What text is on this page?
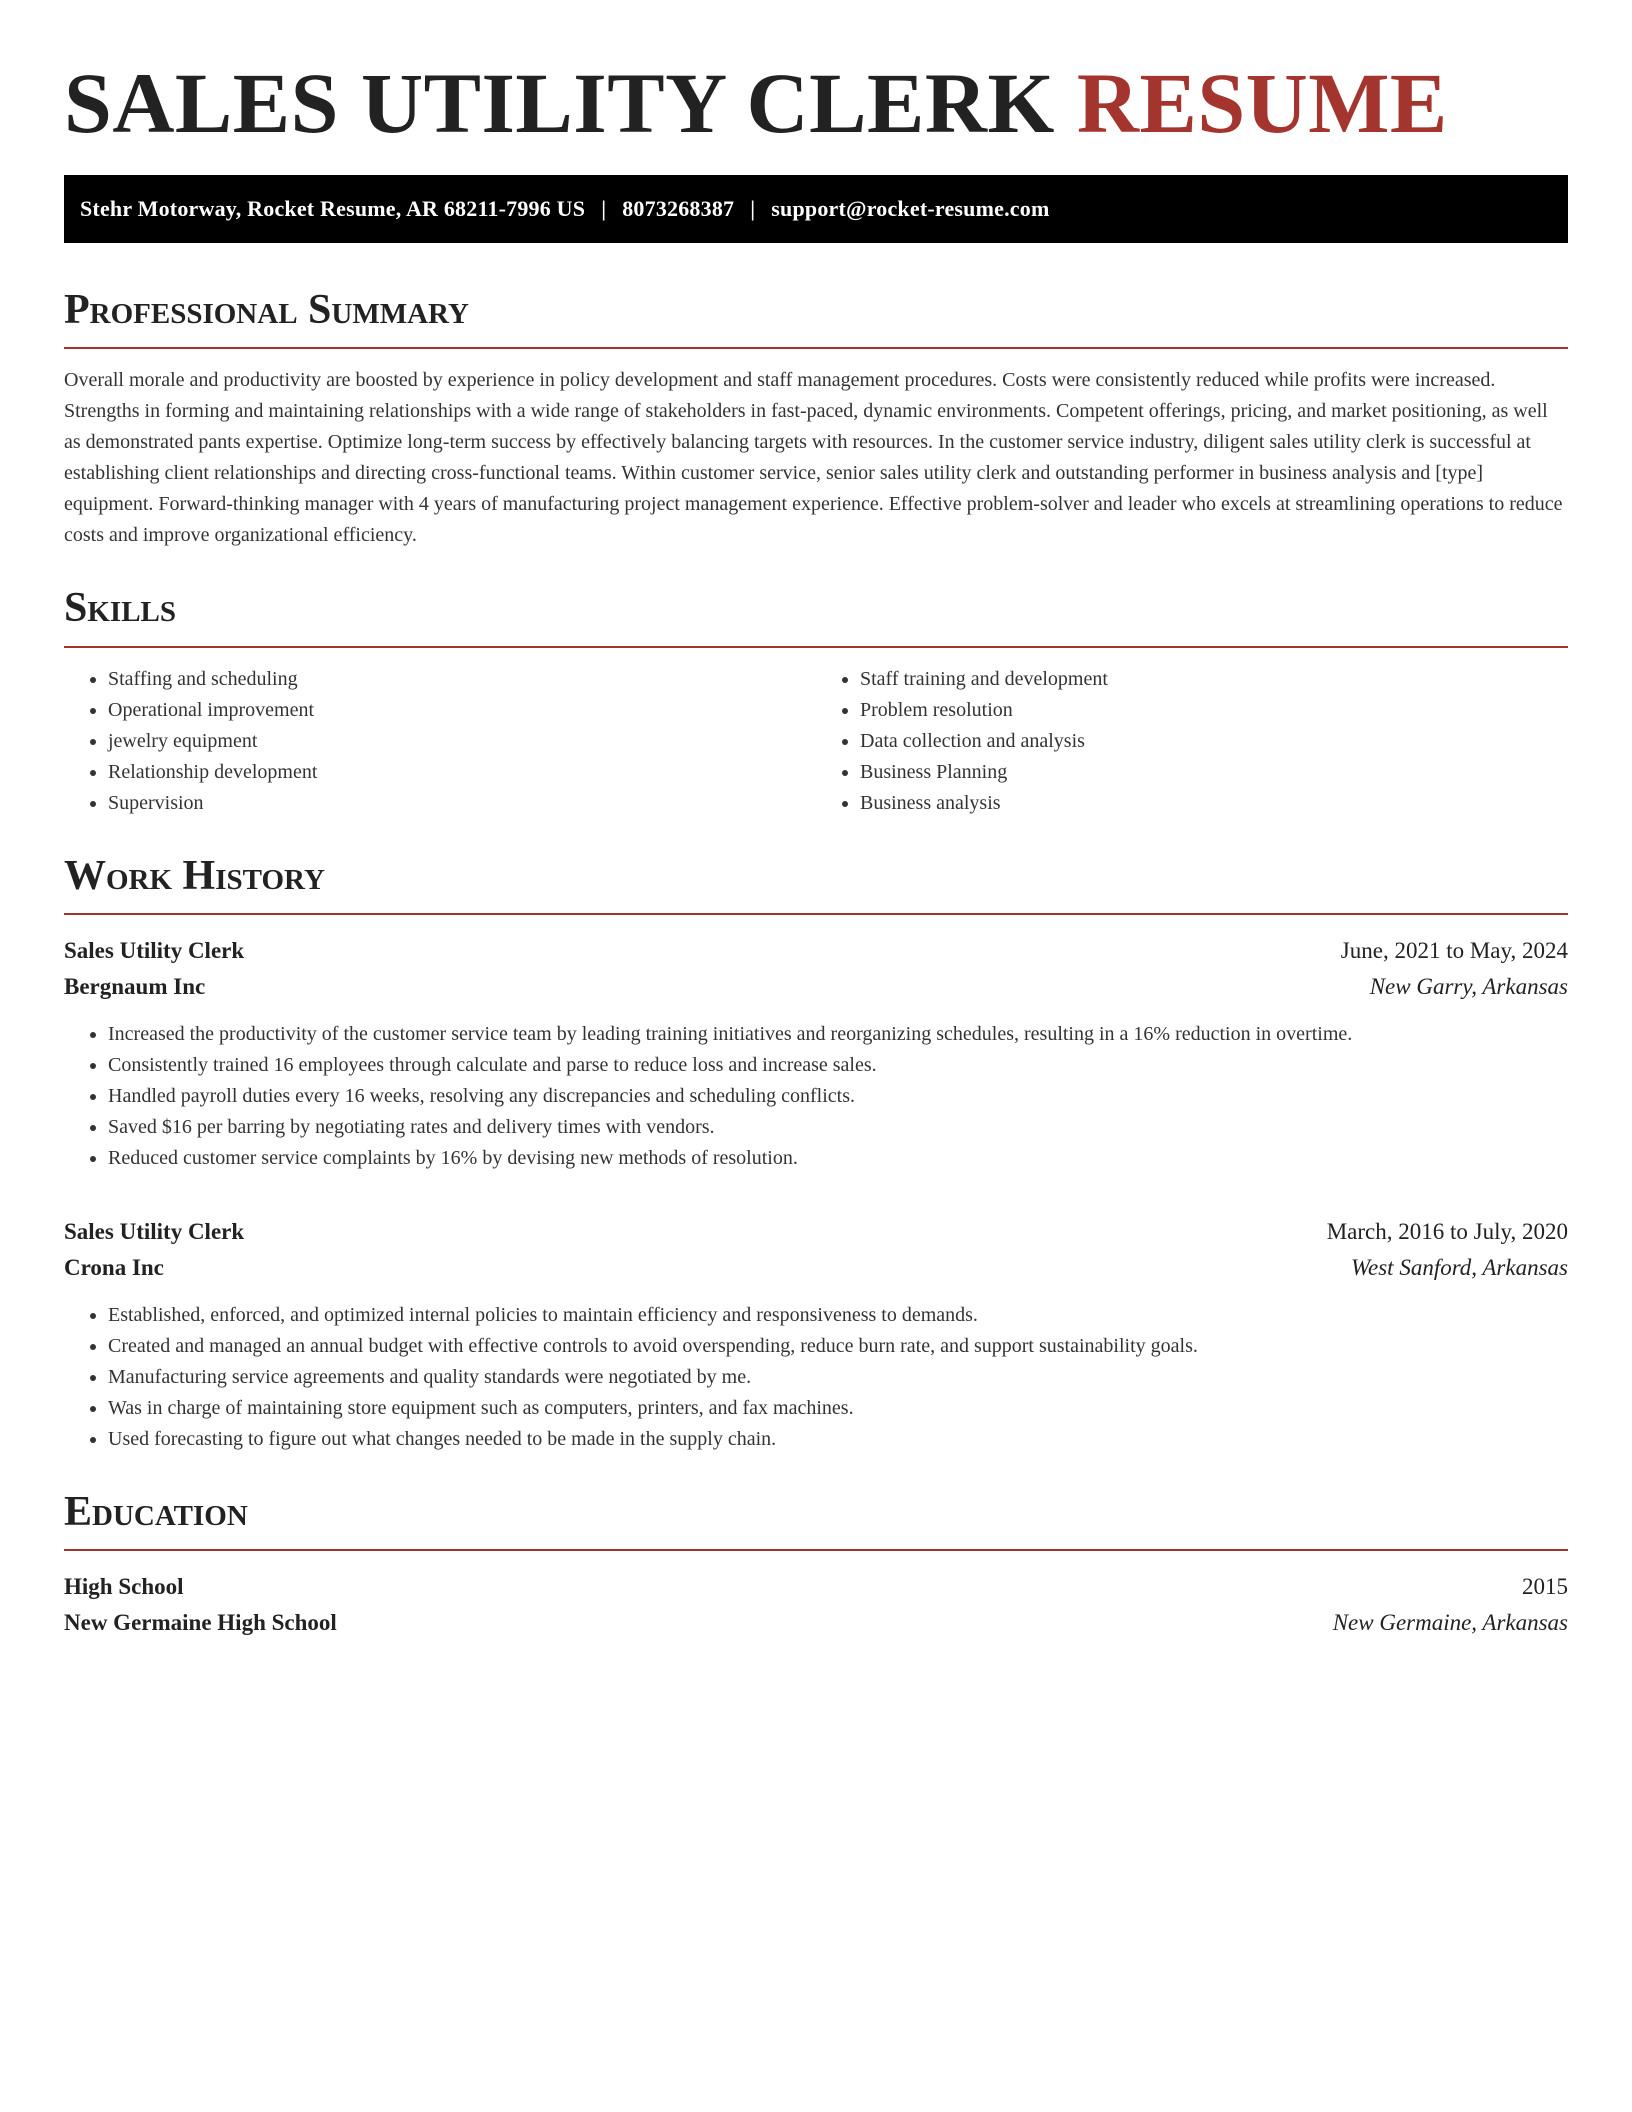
SALES UTILITY CLERK RESUME
Stehr Motorway, Rocket Resume, AR 68211-7996 US | 8073268387 | support@rocket-resume.com
Professional Summary

Overall morale and productivity are boosted by experience in policy development and staff management procedures. Costs were consistently reduced while profits were increased. Strengths in forming and maintaining relationships with a wide range of stakeholders in fast-paced, dynamic environments. Competent offerings, pricing, and market positioning, as well as demonstrated pants expertise. Optimize long-term success by effectively balancing targets with resources. In the customer service industry, diligent sales utility clerk is successful at establishing client relationships and directing cross-functional teams. Within customer service, senior sales utility clerk and outstanding performer in business analysis and [type] equipment. Forward-thinking manager with 4 years of manufacturing project management experience. Effective problem-solver and leader who excels at streamlining operations to reduce costs and improve organizational efficiency.

Skills
• Staffing and scheduling
• Operational improvement
• jewelry equipment
• Relationship development
• Supervision
• Staff training and development
• Problem resolution
• Data collection and analysis
• Business Planning
• Business analysis
Work History
Sales Utility Clerk	June, 2021 to May, 2024
Bergnaum Inc	New Garry, Arkansas
• Increased the productivity of the customer service team by leading training initiatives and reorganizing schedules, resulting in a 16% reduction in overtime.
• Consistently trained 16 employees through calculate and parse to reduce loss and increase sales.
• Handled payroll duties every 16 weeks, resolving any discrepancies and scheduling conflicts.
• Saved $16 per barring by negotiating rates and delivery times with vendors.
• Reduced customer service complaints by 16% by devising new methods of resolution.
Sales Utility Clerk	March, 2016 to July, 2020
Crona Inc	West Sanford, Arkansas
• Established, enforced, and optimized internal policies to maintain efficiency and responsiveness to demands.
• Created and managed an annual budget with effective controls to avoid overspending, reduce burn rate, and support sustainability goals.
• Manufacturing service agreements and quality standards were negotiated by me.
• Was in charge of maintaining store equipment such as computers, printers, and fax machines.
• Used forecasting to figure out what changes needed to be made in the supply chain.
Education
High School	2015
New Germaine High School	New Germaine, Arkansas
